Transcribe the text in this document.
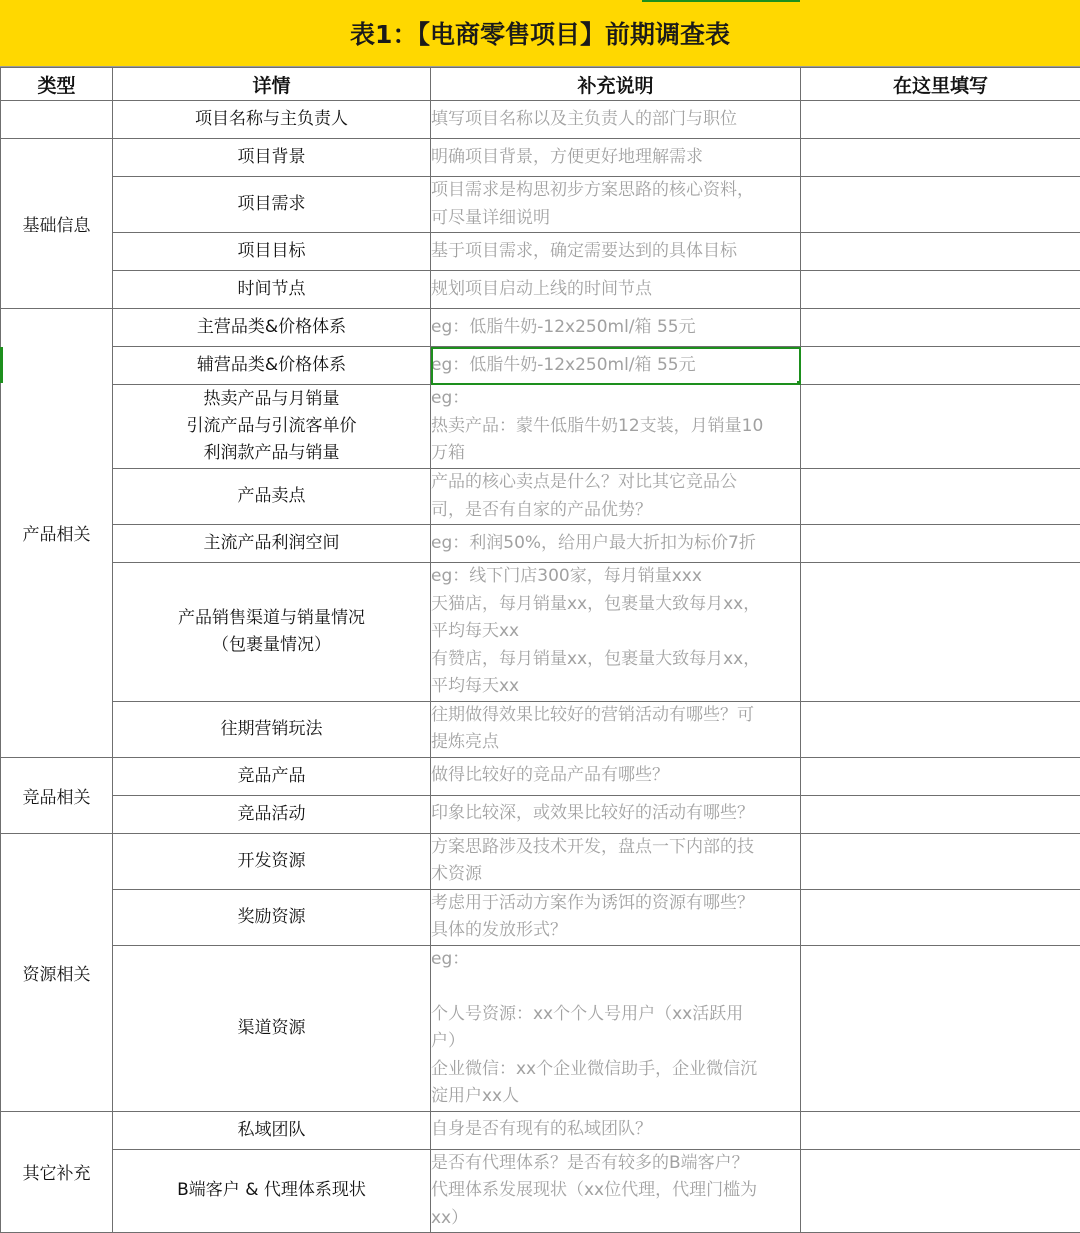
表1：【电商零售项目】前期调查表
类型	详情	补充说明	在这里填写

	项目名称与主负责人	填写项目名称以及主负责人的部门与职位	

基础信息	项目背景	明确项目背景，方便更好地理解需求	

	项目需求	项目需求是构思初步方案思路的核心资料，
可尽量详细说明	

	项目目标	基于项目需求，确定需要达到的具体目标	

	时间节点	规划项目启动上线的时间节点	

产品相关	主营品类&价格体系	eg：低脂牛奶-12x250ml/箱 55元	

	辅营品类&价格体系	eg：低脂牛奶-12x250ml/箱 55元	

	热卖产品与月销量
引流产品与引流客单价
利润款产品与销量	eg：
热卖产品：蒙牛低脂牛奶12支装，月销量10
万箱	

	产品卖点	产品的核心卖点是什么？对比其它竞品公
司，是否有自家的产品优势？	

	主流产品利润空间	eg：利润50%，给用户最大折扣为标价7折	

	产品销售渠道与销量情况
（包裹量情况）	eg：线下门店300家，每月销量xxx
天猫店，每月销量xx，包裹量大致每月xx，
平均每天xx
有赞店，每月销量xx，包裹量大致每月xx，
平均每天xx	

	往期营销玩法	往期做得效果比较好的营销活动有哪些？可
提炼亮点	

竞品相关	竞品产品	做得比较好的竞品产品有哪些？	

	竞品活动	印象比较深，或效果比较好的活动有哪些？	

资源相关	开发资源	方案思路涉及技术开发，盘点一下内部的技
术资源	

	奖励资源	考虑用于活动方案作为诱饵的资源有哪些？
具体的发放形式？	

	渠道资源	eg：

个人号资源：xx个个人号用户（xx活跃用
户）
企业微信：xx个企业微信助手，企业微信沉
淀用户xx人	

其它补充	私域团队	自身是否有现有的私域团队？	

	B端客户 & 代理体系现状	是否有代理体系？是否有较多的B端客户？
代理体系发展现状（xx位代理，代理门槛为
xx）	
